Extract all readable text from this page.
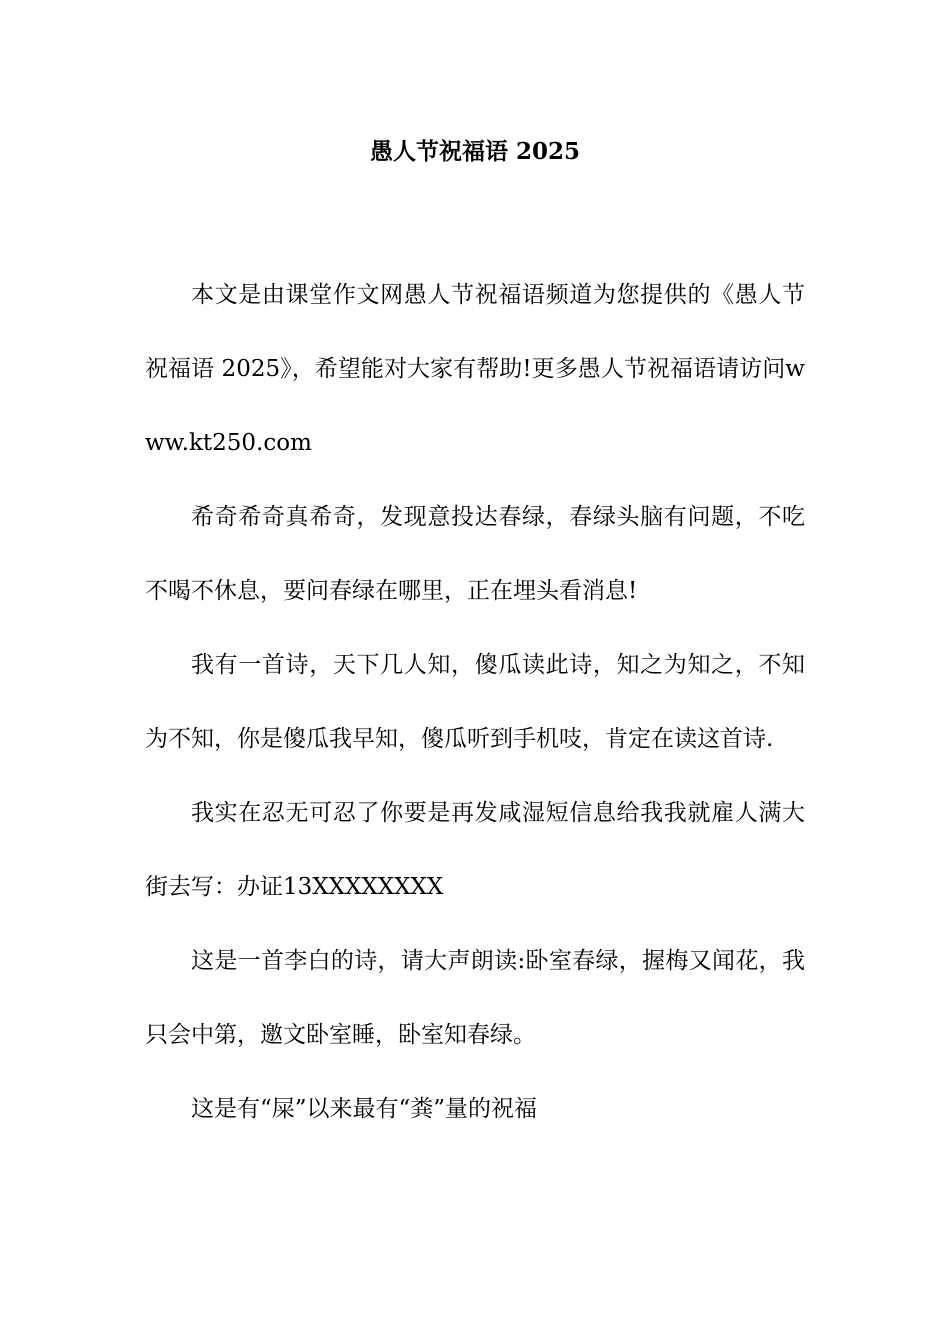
愚人节祝福语 2025

本文是由课堂作文网愚人节祝福语频道为您提供的《愚人节祝福语 2025》，希望能对大家有帮助!更多愚人节祝福语请访问www.kt250.com

希奇希奇真希奇，发现意投达春绿，春绿头脑有问题，不吃不喝不休息，要问春绿在哪里，正在埋头看消息!

我有一首诗，天下几人知，傻瓜读此诗，知之为知之，不知为不知，你是傻瓜我早知，傻瓜听到手机吱，肯定在读这首诗.

我实在忍无可忍了你要是再发咸湿短信息给我我就雇人满大街去写：办证13XXXXXXXX

这是一首李白的诗，请大声朗读:卧室春绿，握梅又闻花，我只会中第，邀文卧室睡，卧室知春绿。

这是有“屎”以来最有“粪”量的祝福
